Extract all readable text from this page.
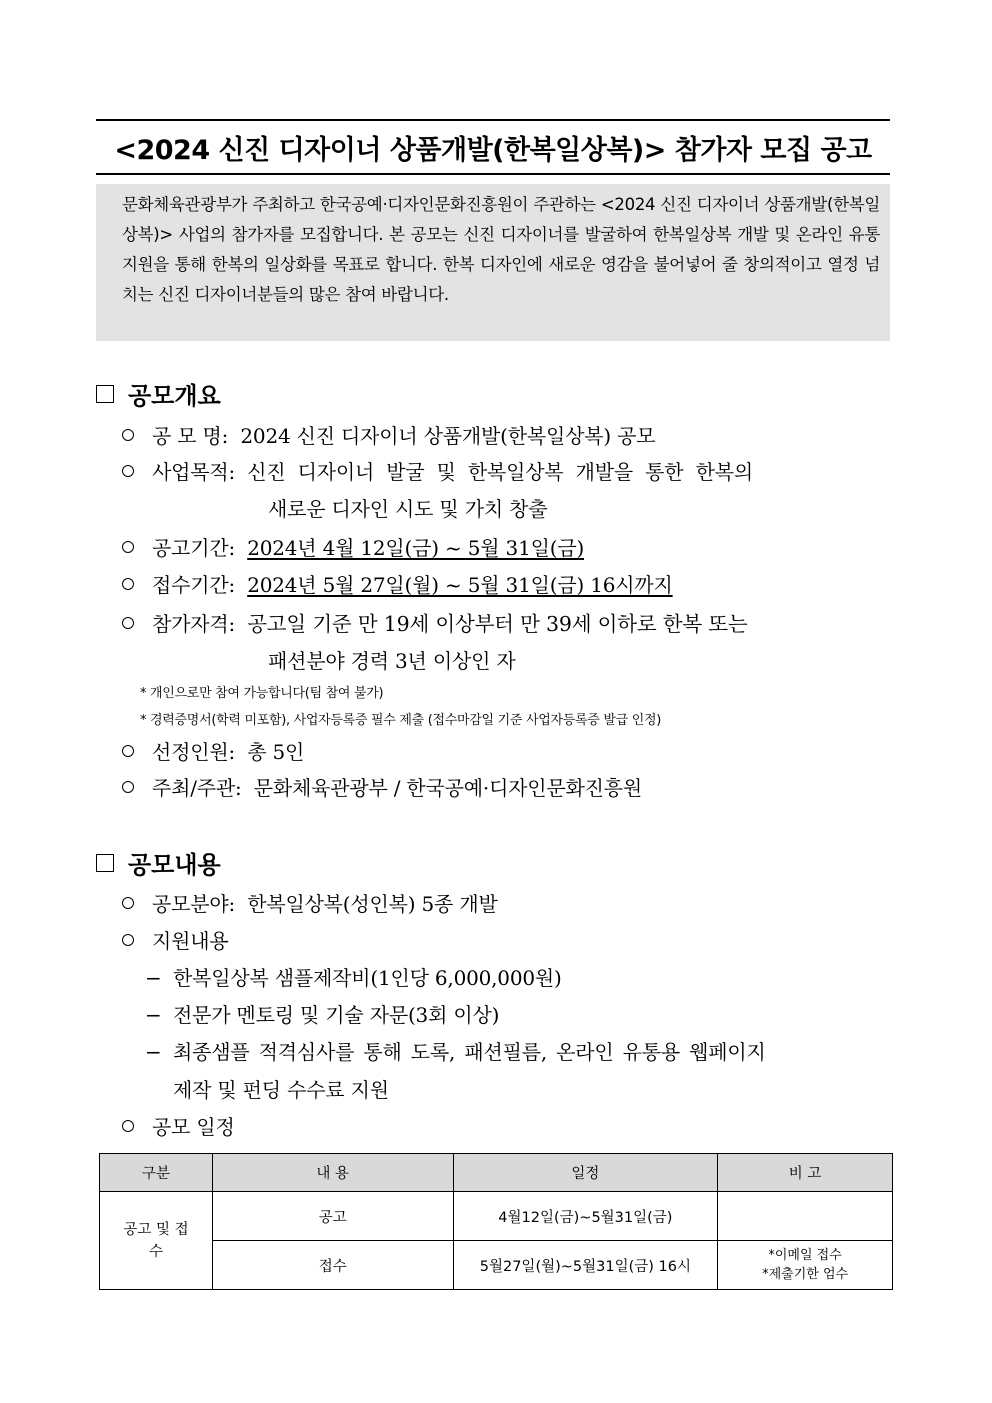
<2024 신진 디자이너 상품개발(한복일상복)> 참가자 모집 공고
문화체육관광부가 주최하고 한국공예·디자인문화진흥원이 주관하는 <2024 신진 디자이너 상품개발(한복일상복)> 사업의 참가자를 모집합니다. 본 공모는 신진 디자이너를 발굴하여 한복일상복 개발 및 온라인 유통 지원을 통해 한복의 일상화를 목표로 합니다. 한복 디자인에 새로운 영감을 불어넣어 줄 창의적이고 열정 넘치는 신진 디자이너분들의 많은 참여 바랍니다.
공모개요
공 모 명: 2024 신진 디자이너 상품개발(한복일상복) 공모
사업목적: 신진 디자이너 발굴 및 한복일상복 개발을 통한 한복의
새로운 디자인 시도 및 가치 창출
공고기간: 2024년 4월 12일(금) ~ 5월 31일(금)
접수기간: 2024년 5월 27일(월) ~ 5월 31일(금) 16시까지
참가자격: 공고일 기준 만 19세 이상부터 만 39세 이하로 한복 또는
패션분야 경력 3년 이상인 자
* 개인으로만 참여 가능합니다(팀 참여 불가)
* 경력증명서(학력 미포함), 사업자등록증 필수 제출 (접수마감일 기준 사업자등록증 발급 인정)
선정인원: 총 5인
주최/주관: 문화체육관광부 / 한국공예·디자인문화진흥원
공모내용
공모분야: 한복일상복(성인복) 5종 개발
지원내용
− 한복일상복 샘플제작비(1인당 6,000,000원)
− 전문가 멘토링 및 기술 자문(3회 이상)
− 최종샘플 적격심사를 통해 도록, 패션필름, 온라인 유통용 웹페이지
제작 및 펀딩 수수료 지원
공모 일정
구분	내 용	일정	비 고
공고 및 접수	공고	4월12일(금)~5월31일(금)	
	접수	5월27일(월)~5월31일(금) 16시	*이메일 접수
*제출기한 엄수
